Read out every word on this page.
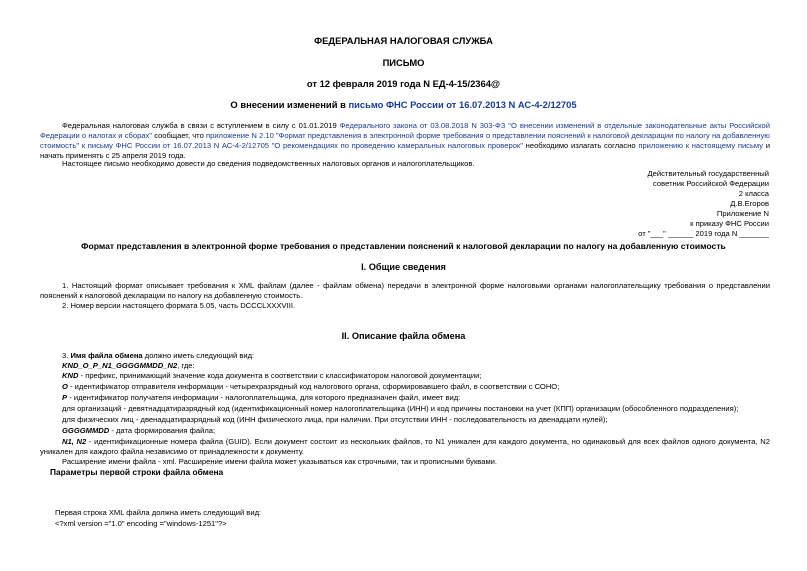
ФЕДЕРАЛЬНАЯ НАЛОГОВАЯ СЛУЖБА
ПИСЬМО
от 12 февраля 2019 года N ЕД-4-15/2364@
О внесении изменений в письмо ФНС России от 16.07.2013 N АС-4-2/12705
Федеральная налоговая служба в связи с вступлением в силу с 01.01.2019 Федерального закона от 03.08.2018 N 303-ФЗ "О внесении изменений в отдельные законодательные акты Российской Федерации о налогах и сборах" сообщает, что приложение N 2.10 "Формат представления в электронной форме требования о представлении пояснений к налоговой декларации по налогу на добавленную стоимость" к письму ФНС России от 16.07.2013 N АС-4-2/12705 "О рекомендациях по проведению камеральных налоговых проверок" необходимо излагать согласно приложению к настоящему письму и начать применять с 25 апреля 2019 года.
Настоящее письмо необходимо довести до сведения подведомственных налоговых органов и налогоплательщиков.
Действительный государственный
советник Российской Федерации
2 класса
Д.В.Егоров
Приложение N
к приказу ФНС России
от "___" ______ 2019 года N _______
Формат представления в электронной форме требования о представлении пояснений к налоговой декларации по налогу на добавленную стоимость
I. Общие сведения
1. Настоящий формат описывает требования к XML файлам (далее - файлам обмена) передачи в электронной форме налоговыми органами налогоплательщику требования о представлении пояснений к налоговой декларации по налогу на добавленную стоимость.
2. Номер версии настоящего формата 5.05, часть DCCCLXXXVIII.
II. Описание файла обмена
3. Имя файла обмена должно иметь следующий вид:
KND_O_P_N1_GGGGMMDD_N2, где:
KND - префикс, принимающий значение кода документа в соответствии с классификатором налоговой документации;
O - идентификатор отправителя информации - четырехразрядный код налогового органа, сформировавшего файл, в соответствии с СОНО;
P - идентификатор получателя информации - налогоплательщика, для которого предназначен файл, имеет вид:
для организаций - девятнадцатиразрядный код (идентификационный номер налогоплательщика (ИНН) и код причины постановки на учет (КПП) организации (обособленного подразделения);
для физических лиц - двенадцатиразрядный код (ИНН физического лица, при наличии. При отсутствии ИНН - последовательность из двенадцати нулей);
GGGGMMDD - дата формирования файла;
N1, N2 - идентификационные номера файла (GUID). Если документ состоит из нескольких файлов, то N1 уникален для каждого документа, но одинаковый для всех файлов одного документа, N2 уникален для каждого файла независимо от принадлежности к документу.
Расширение имени файла - xml. Расширение имени файла может указываться как строчными, так и прописными буквами.
Параметры первой строки файла обмена
Первая строка XML файла должна иметь следующий вид:
<?xml version ="1.0" encoding ="windows-1251"?>
